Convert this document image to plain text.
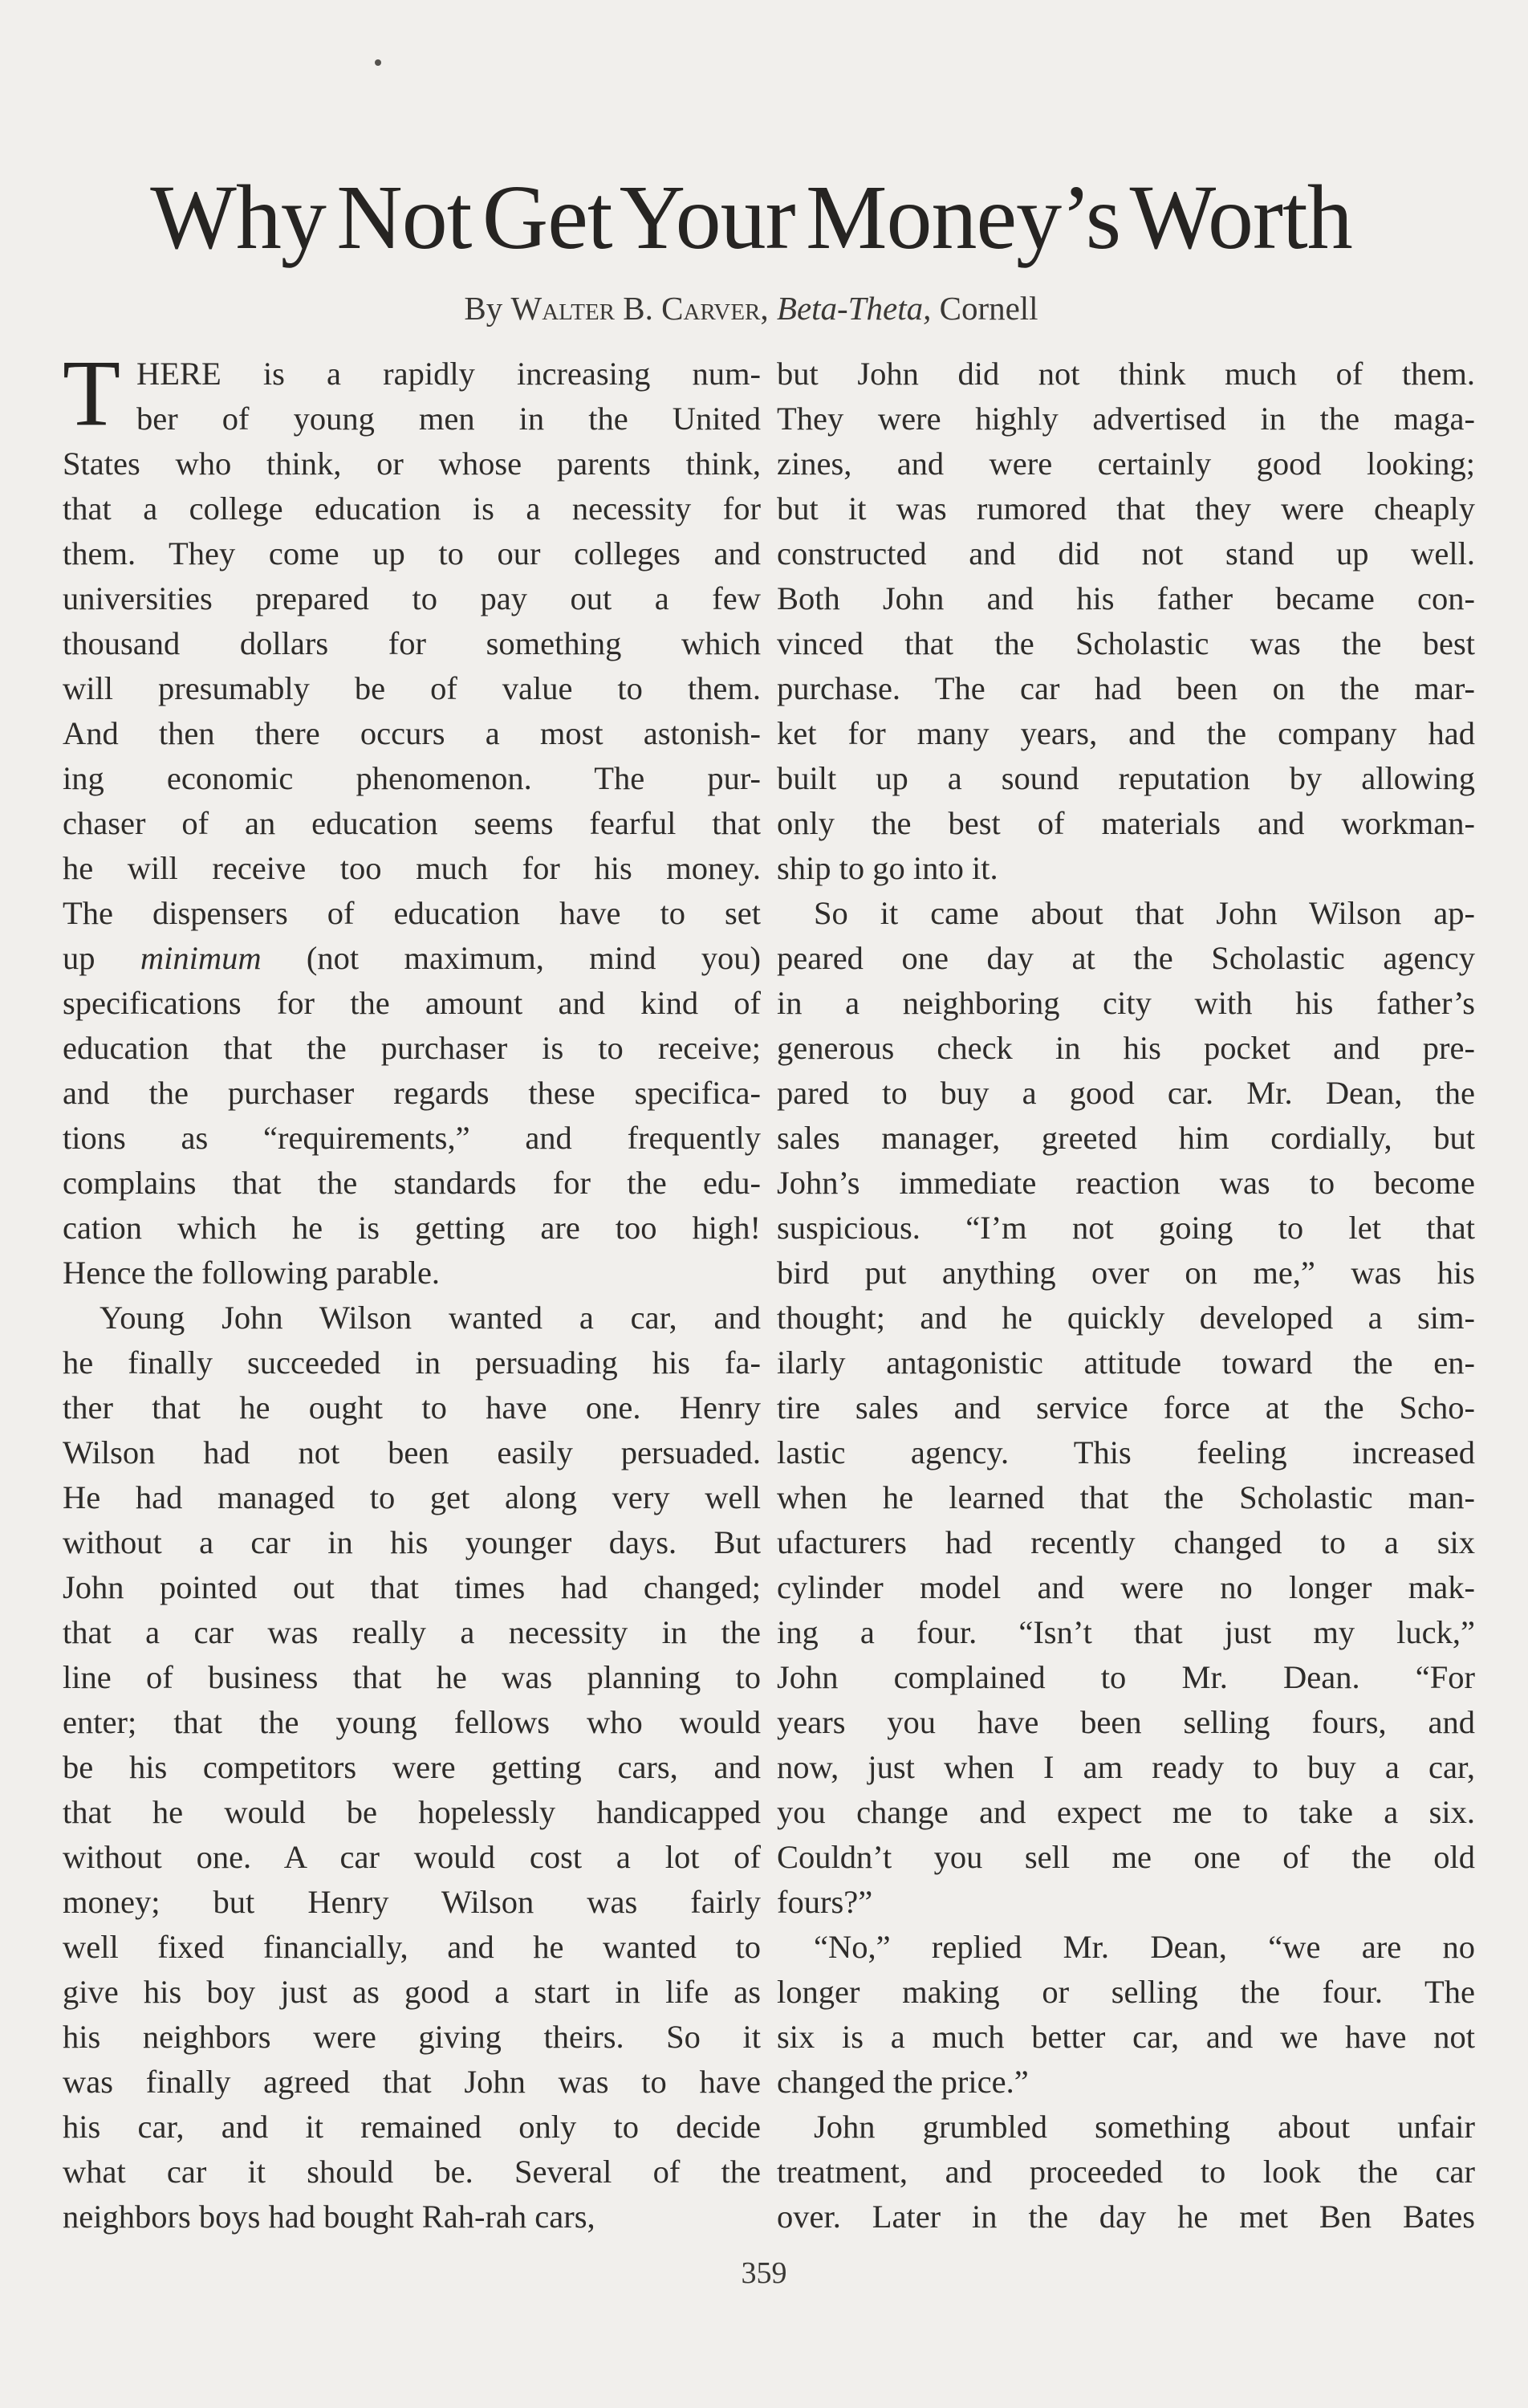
Why Not Get Your Money’s Worth
By Walter B. Carver, Beta-Theta, Cornell
T HERE is a rapidly increasing num-
ber of young men in the United
States who think, or whose parents think,
that a college education is a necessity for
them. They come up to our colleges and
universities prepared to pay out a few
thousand dollars for something which
will presumably be of value to them.
And then there occurs a most astonish-
ing economic phenomenon. The pur-
chaser of an education seems fearful that
he will receive too much for his money.
The dispensers of education have to set
up minimum (not maximum, mind you)
specifications for the amount and kind of
education that the purchaser is to receive;
and the purchaser regards these specifica-
tions as “requirements,” and frequently
complains that the standards for the edu-
cation which he is getting are too high!
Hence the following parable.
Young John Wilson wanted a car, and
he finally succeeded in persuading his fa-
ther that he ought to have one. Henry
Wilson had not been easily persuaded.
He had managed to get along very well
without a car in his younger days. But
John pointed out that times had changed;
that a car was really a necessity in the
line of business that he was planning to
enter; that the young fellows who would
be his competitors were getting cars, and
that he would be hopelessly handicapped
without one. A car would cost a lot of
money; but Henry Wilson was fairly
well fixed financially, and he wanted to
give his boy just as good a start in life as
his neighbors were giving theirs. So it
was finally agreed that John was to have
his car, and it remained only to decide
what car it should be. Several of the
neighbors boys had bought Rah-rah cars,
but John did not think much of them.
They were highly advertised in the maga-
zines, and were certainly good looking;
but it was rumored that they were cheaply
constructed and did not stand up well.
Both John and his father became con-
vinced that the Scholastic was the best
purchase. The car had been on the mar-
ket for many years, and the company had
built up a sound reputation by allowing
only the best of materials and workman-
ship to go into it.
So it came about that John Wilson ap-
peared one day at the Scholastic agency
in a neighboring city with his father’s
generous check in his pocket and pre-
pared to buy a good car. Mr. Dean, the
sales manager, greeted him cordially, but
John’s immediate reaction was to become
suspicious. “I’m not going to let that
bird put anything over on me,” was his
thought; and he quickly developed a sim-
ilarly antagonistic attitude toward the en-
tire sales and service force at the Scho-
lastic agency. This feeling increased
when he learned that the Scholastic man-
ufacturers had recently changed to a six
cylinder model and were no longer mak-
ing a four. “Isn’t that just my luck,”
John complained to Mr. Dean. “For
years you have been selling fours, and
now, just when I am ready to buy a car,
you change and expect me to take a six.
Couldn’t you sell me one of the old
fours?”
“No,” replied Mr. Dean, “we are no
longer making or selling the four. The
six is a much better car, and we have not
changed the price.”
John grumbled something about unfair
treatment, and proceeded to look the car
over. Later in the day he met Ben Bates
359
